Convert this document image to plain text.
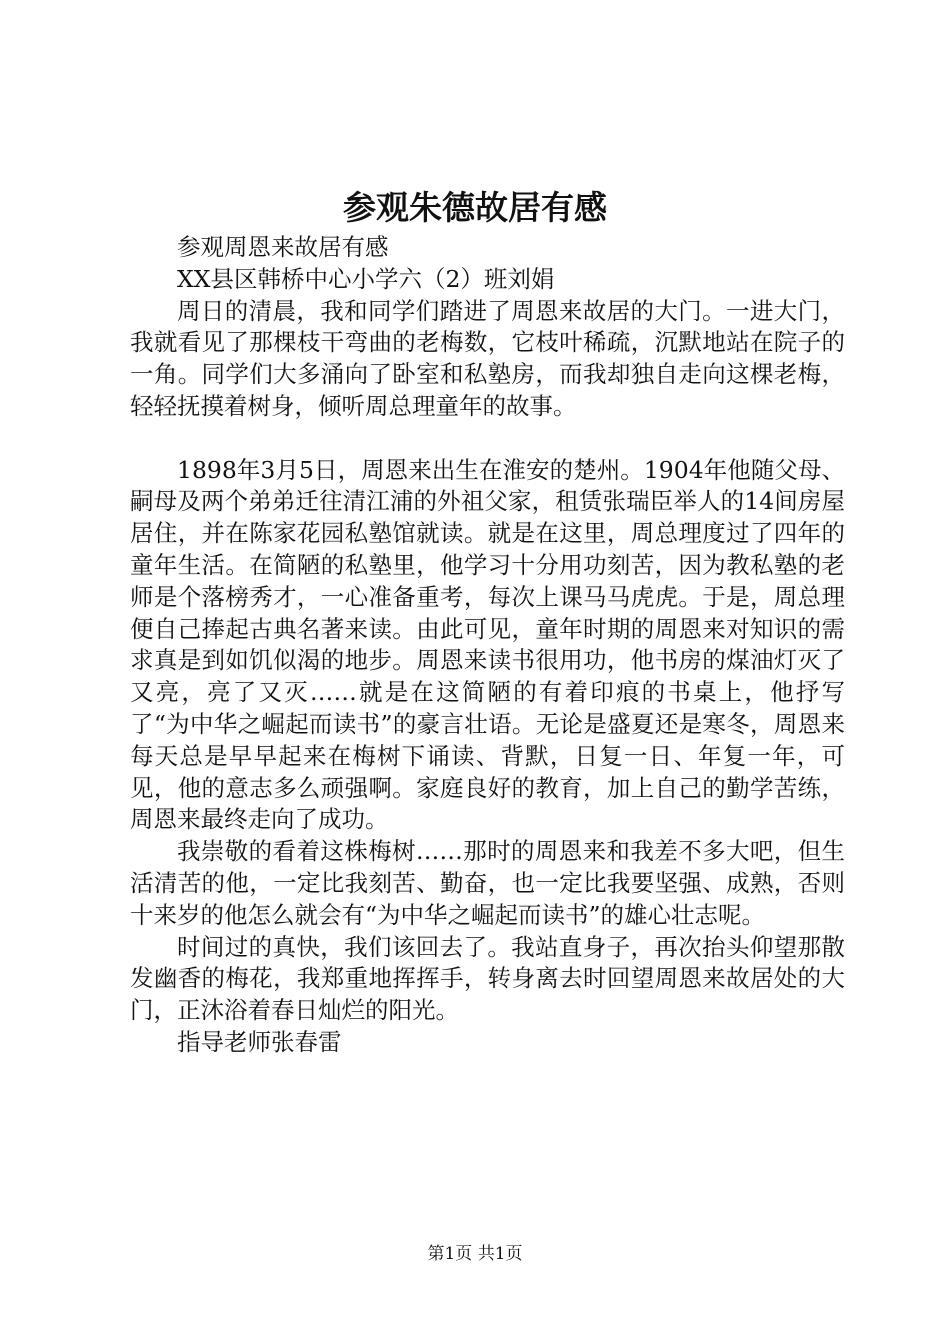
参观朱德故居有感

参观周恩来故居有感

XX县区韩桥中心小学六（2）班刘娟

周日的清晨，我和同学们踏进了周恩来故居的大门。一进大门，我就看见了那棵枝干弯曲的老梅数，它枝叶稀疏，沉默地站在院子的一角。同学们大多涌向了卧室和私塾房，而我却独自走向这棵老梅，轻轻抚摸着树身，倾听周总理童年的故事。

1898年3月5日，周恩来出生在淮安的楚州。1904年他随父母、嗣母及两个弟弟迁往清江浦的外祖父家，租赁张瑞臣举人的14间房屋居住，并在陈家花园私塾馆就读。就是在这里，周总理度过了四年的童年生活。在简陋的私塾里，他学习十分用功刻苦，因为教私塾的老师是个落榜秀才，一心准备重考，每次上课马马虎虎。于是，周总理便自己捧起古典名著来读。由此可见，童年时期的周恩来对知识的需求真是到如饥似渴的地步。周恩来读书很用功，他书房的煤油灯灭了又亮，亮了又灭……就是在这简陋的有着印痕的书桌上，他抒写了“为中华之崛起而读书”的豪言壮语。无论是盛夏还是寒冬，周恩来每天总是早早起来在梅树下诵读、背默，日复一日、年复一年，可见，他的意志多么顽强啊。家庭良好的教育，加上自己的勤学苦练，周恩来最终走向了成功。

我崇敬的看着这株梅树……那时的周恩来和我差不多大吧，但生活清苦的他，一定比我刻苦、勤奋，也一定比我要坚强、成熟，否则十来岁的他怎么就会有“为中华之崛起而读书”的雄心壮志呢。

时间过的真快，我们该回去了。我站直身子，再次抬头仰望那散发幽香的梅花，我郑重地挥挥手，转身离去时回望周恩来故居处的大门，正沐浴着春日灿烂的阳光。

指导老师张春雷

第1页 共1页
